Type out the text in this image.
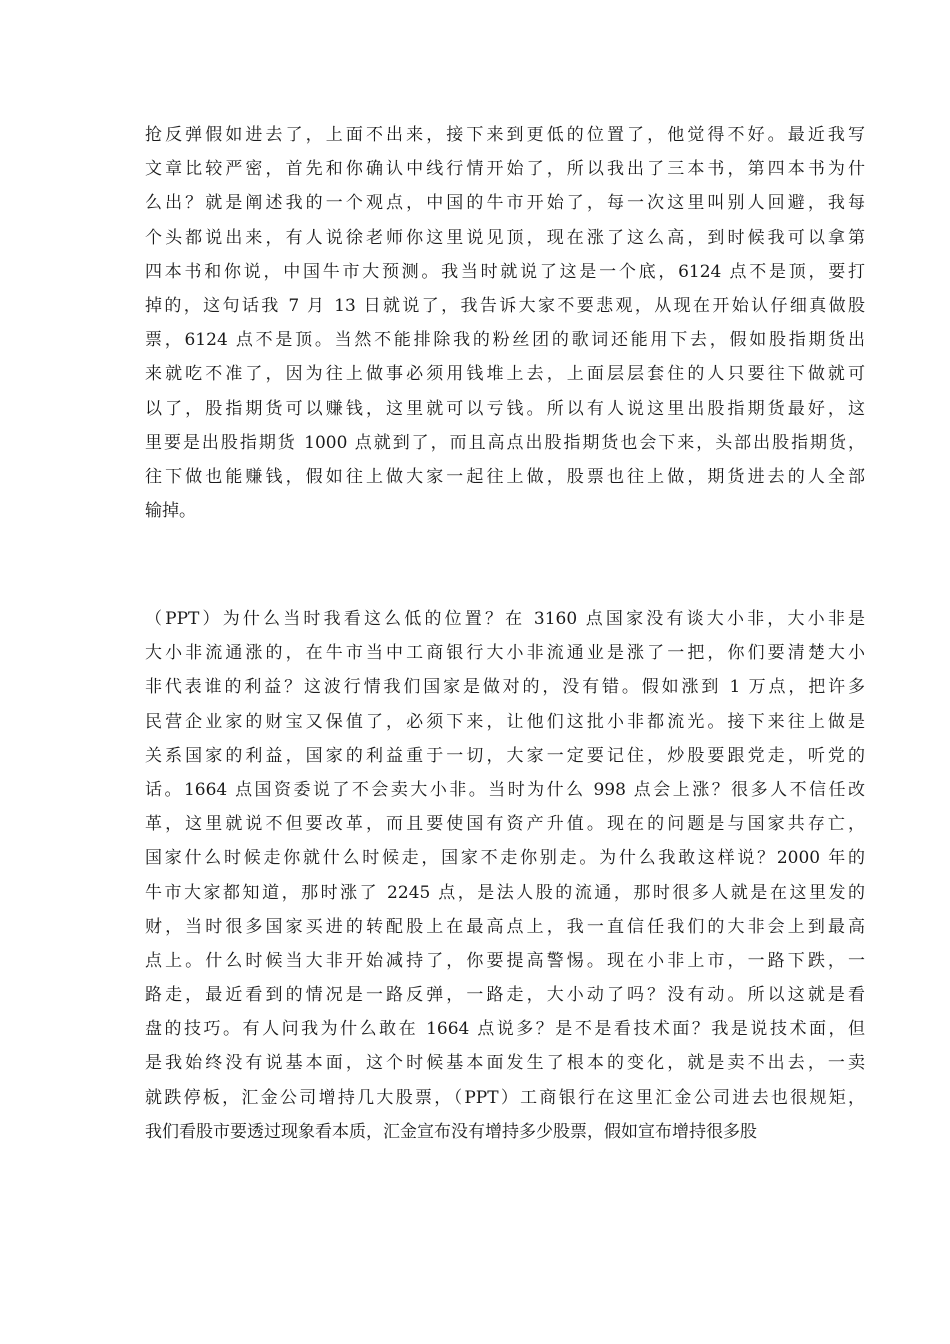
抢反弹假如进去了，上面不出来，接下来到更低的位置了，他觉得不好。最近我写
文章比较严密，首先和你确认中线行情开始了，所以我出了三本书，第四本书为什
么出？就是阐述我的一个观点，中国的牛市开始了，每一次这里叫别人回避，我每
个头都说出来，有人说徐老师你这里说见顶，现在涨了这么高，到时候我可以拿第
四本书和你说，中国牛市大预测。我当时就说了这是一个底，6124 点不是顶，要打
掉的，这句话我 7 月 13 日就说了，我告诉大家不要悲观，从现在开始认仔细真做股
票，6124 点不是顶。当然不能排除我的粉丝团的歌词还能用下去，假如股指期货出
来就吃不准了，因为往上做事必须用钱堆上去，上面层层套住的人只要往下做就可
以了，股指期货可以赚钱，这里就可以亏钱。所以有人说这里出股指期货最好，这
里要是出股指期货 1000 点就到了，而且高点出股指期货也会下来，头部出股指期货，
往下做也能赚钱，假如往上做大家一起往上做，股票也往上做，期货进去的人全部
输掉。
（PPT）为什么当时我看这么低的位置？在 3160 点国家没有谈大小非，大小非是
大小非流通涨的，在牛市当中工商银行大小非流通业是涨了一把，你们要清楚大小
非代表谁的利益？这波行情我们国家是做对的，没有错。假如涨到 1 万点，把许多
民营企业家的财宝又保值了，必须下来，让他们这批小非都流光。接下来往上做是
关系国家的利益，国家的利益重于一切，大家一定要记住，炒股要跟党走，听党的
话。1664 点国资委说了不会卖大小非。当时为什么 998 点会上涨？很多人不信任改
革，这里就说不但要改革，而且要使国有资产升值。现在的问题是与国家共存亡，
国家什么时候走你就什么时候走，国家不走你别走。为什么我敢这样说？2000 年的
牛市大家都知道，那时涨了 2245 点，是法人股的流通，那时很多人就是在这里发的
财，当时很多国家买进的转配股上在最高点上，我一直信任我们的大非会上到最高
点上。什么时候当大非开始减持了，你要提高警惕。现在小非上市，一路下跌，一
路走，最近看到的情况是一路反弹，一路走，大小动了吗？没有动。所以这就是看
盘的技巧。有人问我为什么敢在 1664 点说多？是不是看技术面？我是说技术面，但
是我始终没有说基本面，这个时候基本面发生了根本的变化，就是卖不出去，一卖
就跌停板，汇金公司增持几大股票，（PPT）工商银行在这里汇金公司进去也很规矩，
我们看股市要透过现象看本质，汇金宣布没有增持多少股票，假如宣布增持很多股
